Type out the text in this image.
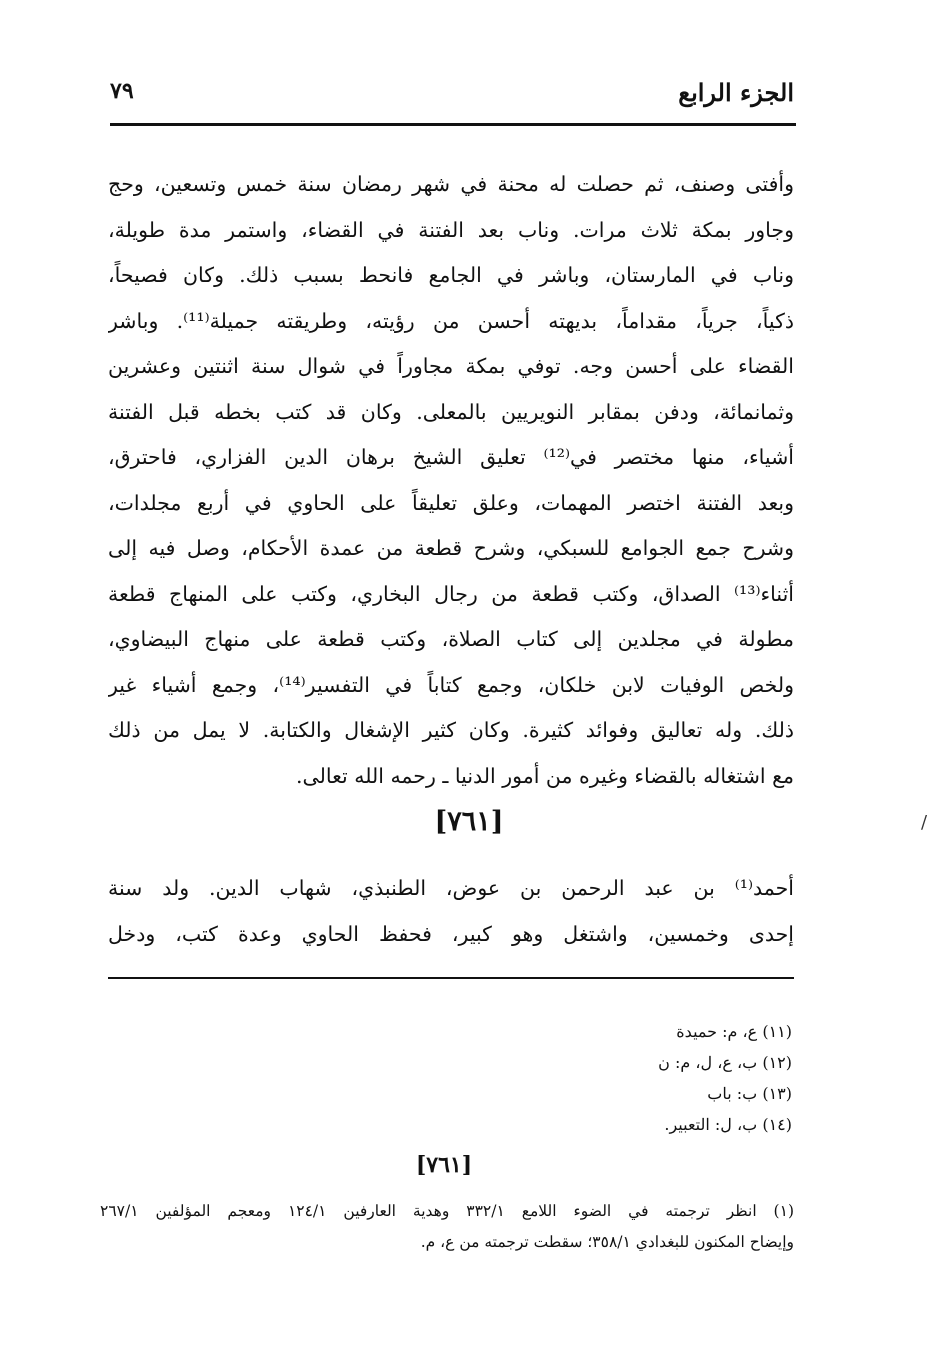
الجزء الرابع
٧٩
وأفتى وصنف، ثم حصلت له محنة في شهر رمضان سنة خمس وتسعين، وحج
وجاور بمكة ثلاث مرات. وناب بعد الفتنة في القضاء، واستمر مدة طويلة،
وناب في المارستان، وباشر في الجامع فانحط بسبب ذلك. وكان فصيحاً،
ذكياً، جرياً، مقداماً، بديهته أحسن من رؤيته، وطريقته جميلة⁽¹¹⁾. وباشر
القضاء على أحسن وجه. توفي بمكة مجاوراً في شوال سنة اثنتين وعشرين
وثمانمائة، ودفن بمقابر النويريين بالمعلى. وكان قد كتب بخطه قبل الفتنة
أشياء، منها مختصر في⁽¹²⁾ تعليق الشيخ برهان الدين الفزاري، فاحترق،
وبعد الفتنة اختصر المهمات، وعلق تعليقاً على الحاوي في أربع مجلدات،
وشرح جمع الجوامع للسبكي، وشرح قطعة من عمدة الأحكام، وصل فيه إلى
أثناء⁽¹³⁾ الصداق، وكتب قطعة من رجال البخاري، وكتب على المنهاج قطعة
مطولة في مجلدين إلى كتاب الصلاة، وكتب قطعة على منهاج البيضاوي،
ولخص الوفيات لابن خلكان، وجمع كتاباً في التفسير⁽¹⁴⁾، وجمع أشياء غير
ذلك. وله تعاليق وفوائد كثيرة. وكان كثير الإشغال والكتابة. لا يمل من ذلك
مع اشتغاله بالقضاء وغيره من أمور الدنيا ـ رحمه الله تعالى.
[٧٦١]
أحمد⁽¹⁾ بن عبد الرحمن بن عوض، الطنبذي، شهاب الدين. ولد سنة
إحدى وخمسين، واشتغل وهو كبير، فحفظ الحاوي وعدة كتب، ودخل
(١١) ع، م: حميدة
(١٢) ب، ع، ل، م: ن
(١٣) ب: باب
(١٤) ب، ل: التعبير.
[٧٦١]
(١) انظر ترجمته في الضوء اللامع ٣٣٢/١ وهدية العارفين ١٢٤/١ ومعجم المؤلفين ٢٦٧/١
وإيضاح المكنون للبغدادي ٣٥٨/١؛ سقطت ترجمته من ع، م.
/
